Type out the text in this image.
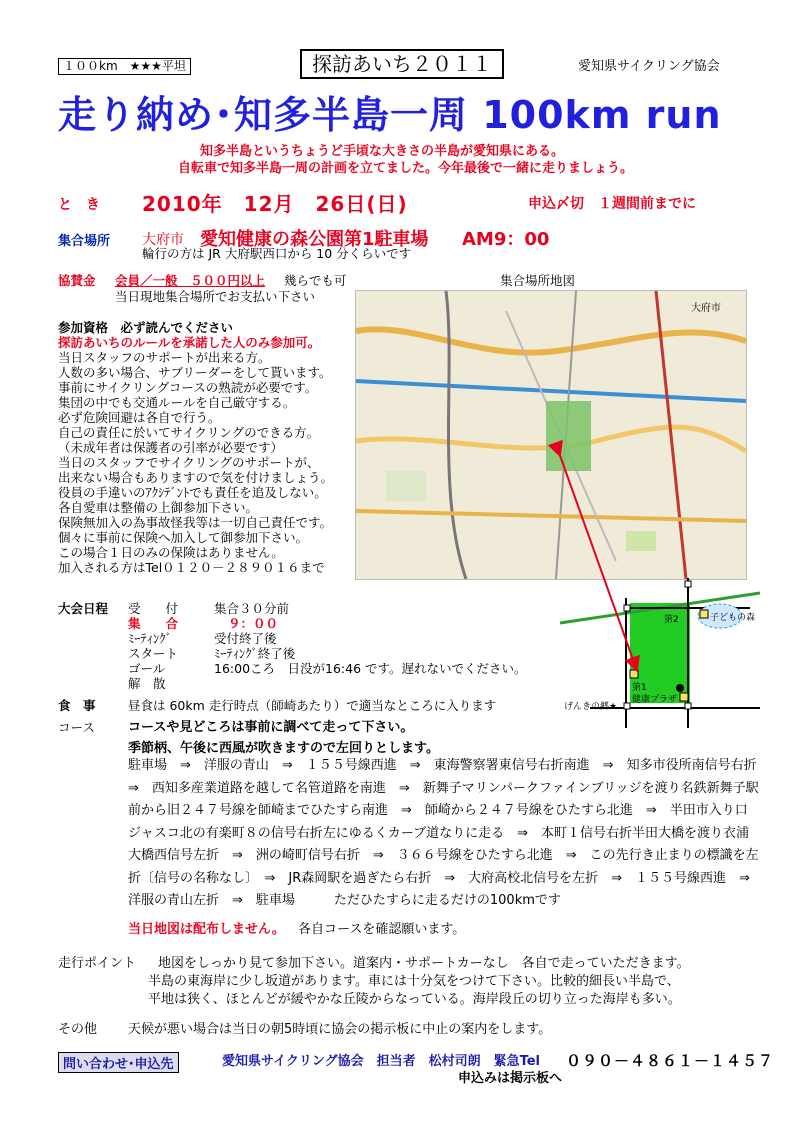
１００km　★★★平坦	探訪あいち２０１１	愛知県サイクリング協会
走り納め･知多半島一周 100km run
知多半島というちょうど手頃な大きさの半島が愛知県にある。
自転車で知多半島一周の計画を立てました。今年最後で一緒に走りましょう。
と　き 2010年　12月　26日(日)	申込〆切　１週間前までに
集合場所 大府市 愛知健康の森公園第1駐車場 AM9：00
輪行の方は JR 大府駅西口から 10 分くらいです
協賛金 会員／一般　５００円以上 幾らでも可
当日現地集合場所でお支払い下さい
集合場所地図
大府市
参加資格　必ず読んでください
探訪あいちのルールを承諾した人のみ参加可。
当日スタッフのサポートが出来る方。
人数の多い場合、サブリーダーをして貰います。
事前にサイクリングコースの熟読が必要です。
集団の中でも交通ルールを自己厳守する。
必ず危険回避は各自で行う。
自己の責任に於いてサイクリングのできる方。
（未成年者は保護者の引率が必要です）
当日のスタッフでサイクリングのサポートが、
出来ない場合もありますので気を付けましょう。
役員の手違いのｱｸｼﾃﾞﾝﾄでも責任を追及しない。
各自愛車は整備の上御参加下さい。
保険無加入の為事故怪我等は一切自己責任です。
個々に事前に保険へ加入して御参加下さい。
この場合１日のみの保険はありません。
加入される方はTel０１２０－２８９０１６まで
大会日程 受　　付	集合３０分前
集　　合	９：００
ﾐｰﾃｨﾝｸﾞ	受付終了後
スタート	ﾐｰﾃｨﾝｸﾞ終了後
ゴール	16:00ころ　日没が16:46 です。遅れないでください。
解　散
子どもの森
第2
第1
健康プラザ
げんきの郷★
食　事	昼食は 60km 走行時点（師崎あたり）で適当なところに入ります
コース	コースや見どころは事前に調べて走って下さい。
季節柄、午後に西風が吹きますので左回りとします。
駐車場　⇒　洋服の青山　⇒　１５５号線西進　⇒　東海警察署東信号右折南進　⇒　知多市役所南信号右折　⇒　西知多産業道路を越して名管道路を南進　⇒　新舞子マリンパークファインブリッジを渡り名鉄新舞子駅前から旧２４７号線を師崎までひたすら南進　⇒　師崎から２４７号線をひたすら北進　⇒　半田市入り口ジャスコ北の有楽町８の信号右折左にゆるくカーブ道なりに走る　⇒　本町１信号右折半田大橋を渡り衣浦大橋西信号左折　⇒　洲の崎町信号右折　⇒　３６６号線をひたすら北進　⇒　この先行き止まりの標識を左折〔信号の名称なし〕　⇒　JR森岡駅を過ぎたら右折　⇒　大府高校北信号を左折　⇒　１５５号線西進　⇒　洋服の青山左折　⇒　駐車場　　　ただひたすらに走るだけの100kmです
当日地図は配布しません。 各自コースを確認願います。
走行ポイント 地図をしっかり見て参加下さい。道案内・サポートカーなし　各自で走っていただきます。
半島の東海岸に少し坂道があります。車には十分気をつけて下さい。比較的細長い半島で、
平地は狭く、ほとんどが緩やかな丘陵からなっている。海岸段丘の切り立った海岸も多い。
その他 天候が悪い場合は当日の朝5時頃に協会の掲示板に中止の案内をします。
問い合わせ･申込先	愛知県サイクリング協会　担当者　松村司朗　緊急Tel ０９０－４８６１－１４５７
申込みは掲示板へ
